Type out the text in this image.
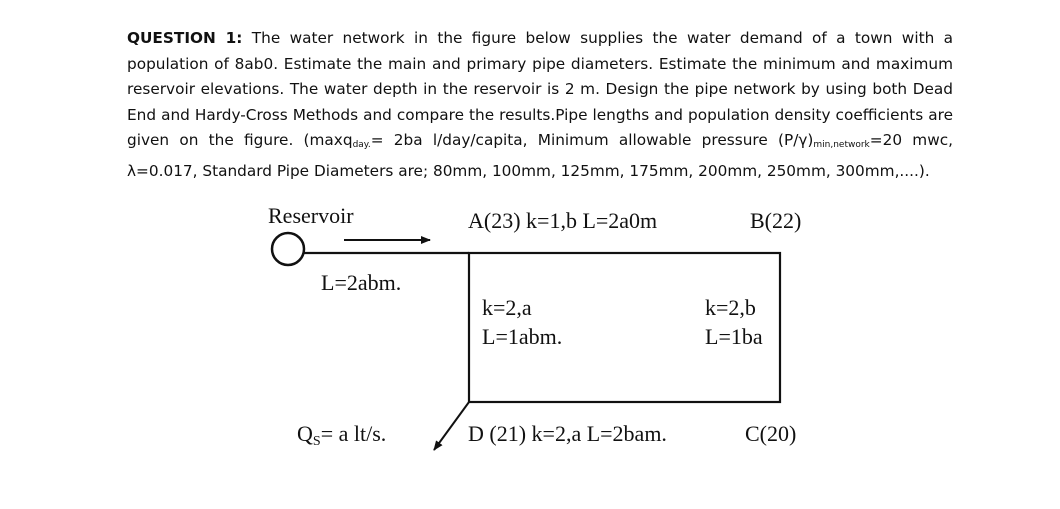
QUESTION 1: The water network in the figure below supplies the water demand of a town with a population of 8ab0. Estimate the main and primary pipe diameters. Estimate the minimum and maximum reservoir elevations. The water depth in the reservoir is 2 m. Design the pipe network by using both Dead End and Hardy-Cross Methods and compare the results.Pipe lengths and population density coefficients are given on the figure. (maxq$_{day.}$= 2ba l/day/capita, Minimum allowable pressure $(P/\gamma)_{min,network}=20$ mwc, λ=0.017, Standard Pipe Diameters are; 80mm, 100mm, 125mm, 175mm, 200mm, 250mm, 300mm,....).
Reservoir	A(23) k=1,b L=2a0m	B(22)
L=2abm.
k=2,a
L=1abm.
k=2,b
L=1ba
QS= a lt/s.	D (21) k=2,a L=2bam.	C(20)
